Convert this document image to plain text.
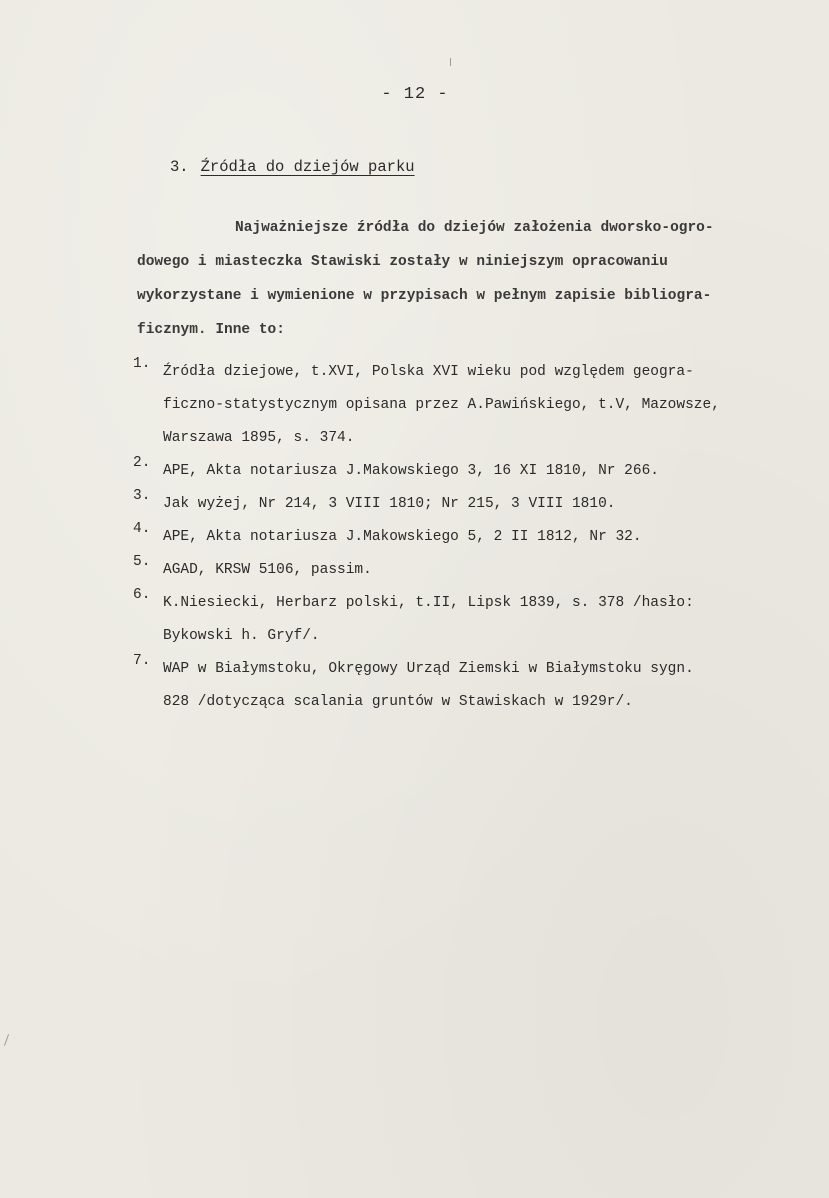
- 12 -
3. Źródła do dziejów parku
Najważniejsze źródła do dziejów założenia dworsko-ogro-
dowego i miasteczka Stawiski zostały w niniejszym opracowaniu
wykorzystane i wymienione w przypisach w pełnym zapisie bibliogra-
ficznym. Inne to:
1. Źródła dziejowe, t.XVI, Polska XVI wieku pod względem geogra-
ficzno-statystycznym opisana przez A.Pawińskiego, t.V, Mazowsze,
Warszawa 1895, s. 374.
2. APE, Akta notariusza J.Makowskiego 3, 16 XI 1810, Nr 266.
3. Jak wyżej, Nr 214, 3 VIII 1810; Nr 215, 3 VIII 1810.
4. APE, Akta notariusza J.Makowskiego 5, 2 II 1812, Nr 32.
5. AGAD, KRSW 5106, passim.
6. K.Niesiecki, Herbarz polski, t.II, Lipsk 1839, s. 378 /hasło:
Bykowski h. Gryf/.
7. WAP w Białymstoku, Okręgowy Urząd Ziemski w Białymstoku sygn.
828 /dotycząca scalania gruntów w Stawiskach w 1929r/.
